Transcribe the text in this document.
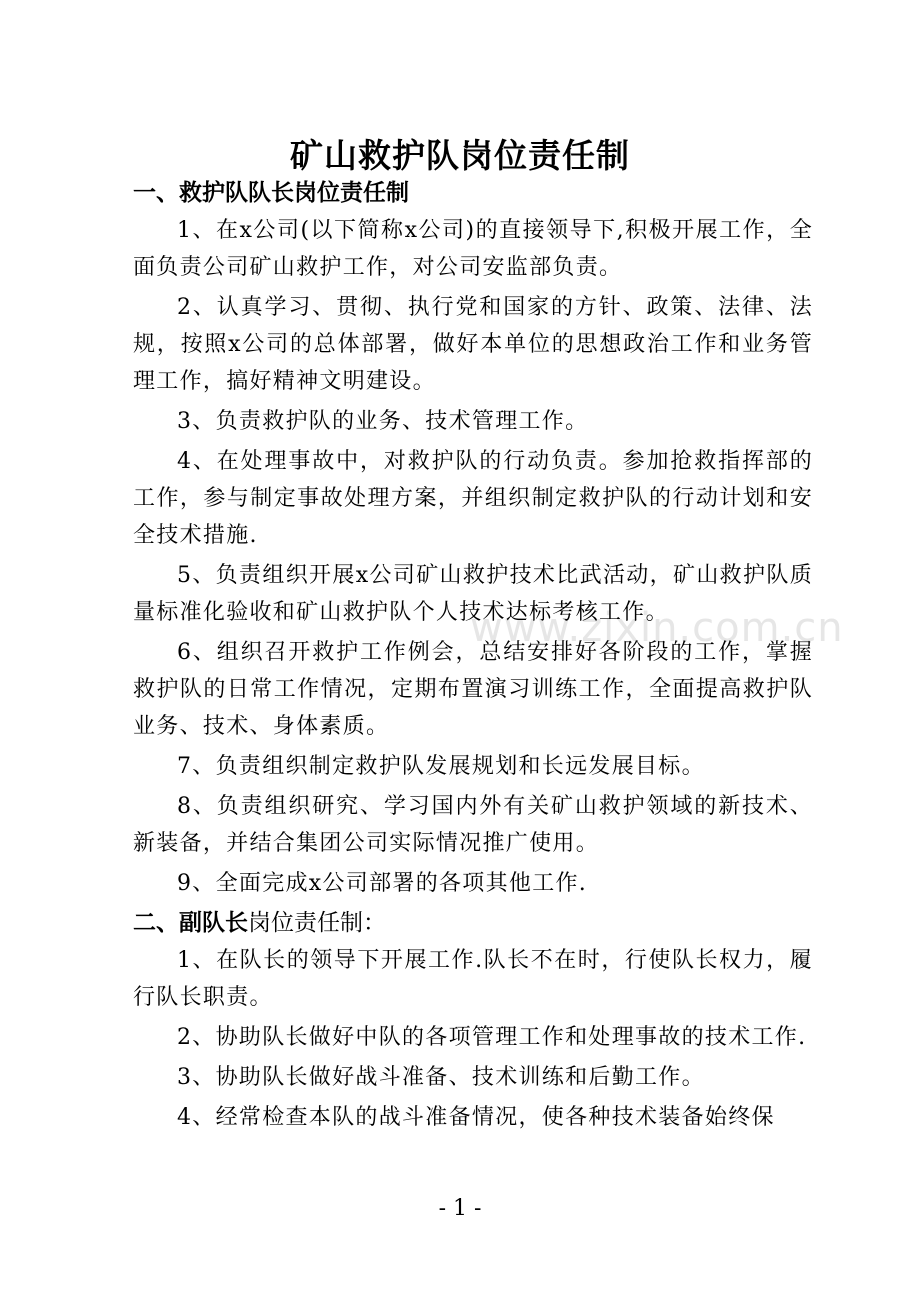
www.zixin.com.cn
矿山救护队岗位责任制
一、救护队队长岗位责任制

1、在x公司(以下简称x公司)的直接领导下,积极开展工作，全面负责公司矿山救护工作，对公司安监部负责。

2、认真学习、贯彻、执行党和国家的方针、政策、法律、法规，按照x公司的总体部署，做好本单位的思想政治工作和业务管理工作，搞好精神文明建设。

3、负责救护队的业务、技术管理工作。

4、在处理事故中，对救护队的行动负责。参加抢救指挥部的工作，参与制定事故处理方案，并组织制定救护队的行动计划和安全技术措施.

5、负责组织开展x公司矿山救护技术比武活动，矿山救护队质量标准化验收和矿山救护队个人技术达标考核工作。

6、组织召开救护工作例会，总结安排好各阶段的工作，掌握救护队的日常工作情况，定期布置演习训练工作，全面提高救护队业务、技术、身体素质。

7、负责组织制定救护队发展规划和长远发展目标。

8、负责组织研究、学习国内外有关矿山救护领域的新技术、新装备，并结合集团公司实际情况推广使用。

9、全面完成x公司部署的各项其他工作.

二、副队长岗位责任制：

1、在队长的领导下开展工作.队长不在时，行使队长权力，履行队长职责。

2、协助队长做好中队的各项管理工作和处理事故的技术工作.

3、协助队长做好战斗准备、技术训练和后勤工作。

4、经常检查本队的战斗准备情况，使各种技术装备始终保

- 1 -
